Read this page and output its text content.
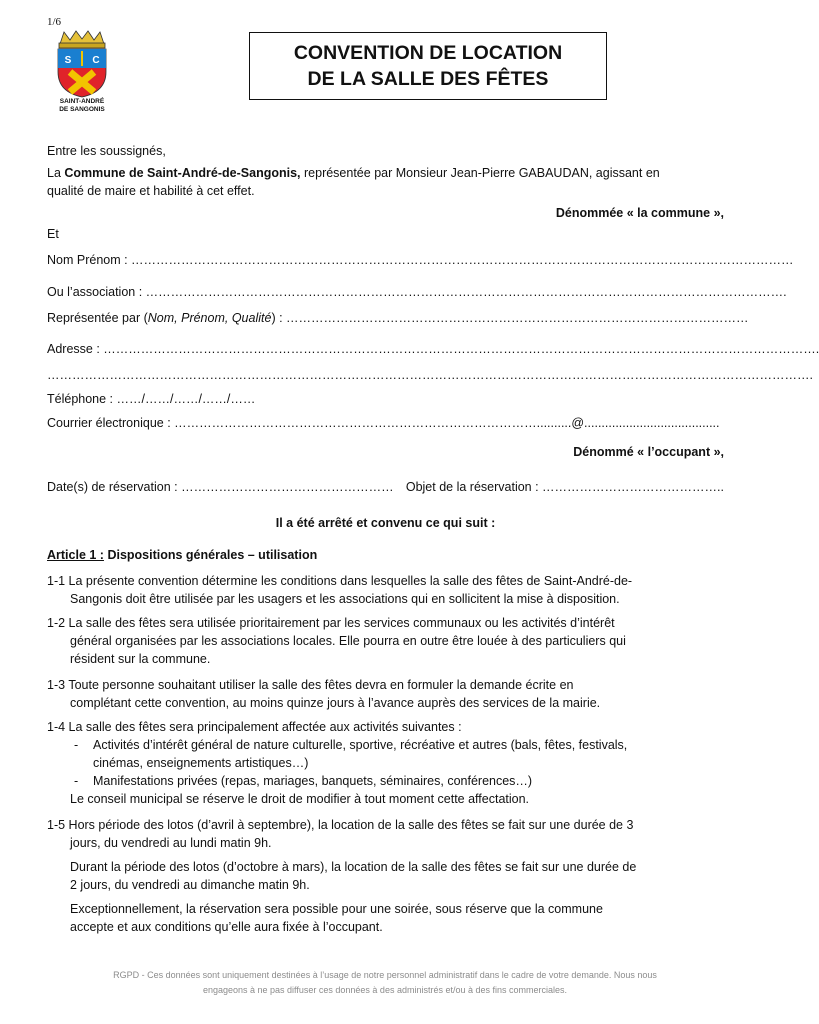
1/6
S C
SAINT-ANDRÉ
DE SANGONIS
CONVENTION DE LOCATION
DE LA SALLE DES FÊTES
Entre les soussignés,
La Commune de Saint-André-de-Sangonis, représentée par Monsieur Jean-Pierre GABAUDAN, agissant en
qualité de maire et habilité à cet effet.
Dénommée « la commune »,
Et
Nom Prénom : ……………………………………………………………………………………………………………………………………………
Ou l’association : ……………………………………………………………………………………………………………………………………….
Représentée par (Nom, Prénom, Qualité) : …………………………………………………………………………………………………
Adresse : ……………………………………………………………………………………………………………………………………………………….
………………………………………………………………………………………………………………………………………………………………….
Téléphone : ……/……/……/……/……
Courrier électronique : ……………………………………………………………………………..........@.......................................
Dénommé « l’occupant »,
Date(s) de réservation : …………………………………………… Objet de la réservation : ……………………………………..
Il a été arrêté et convenu ce qui suit :
Article 1 : Dispositions générales – utilisation
1-1 La présente convention détermine les conditions dans lesquelles la salle des fêtes de Saint-André-de-
Sangonis doit être utilisée par les usagers et les associations qui en sollicitent la mise à disposition.
1-2 La salle des fêtes sera utilisée prioritairement par les services communaux ou les activités d’intérêt
général organisées par les associations locales. Elle pourra en outre être louée à des particuliers qui
résident sur la commune.
1-3 Toute personne souhaitant utiliser la salle des fêtes devra en formuler la demande écrite en
complétant cette convention, au moins quinze jours à l’avance auprès des services de la mairie.
1-4 La salle des fêtes sera principalement affectée aux activités suivantes :
- Activités d’intérêt général de nature culturelle, sportive, récréative et autres (bals, fêtes, festivals,
cinémas, enseignements artistiques…)
- Manifestations privées (repas, mariages, banquets, séminaires, conférences…)
Le conseil municipal se réserve le droit de modifier à tout moment cette affectation.
1-5 Hors période des lotos (d’avril à septembre), la location de la salle des fêtes se fait sur une durée de 3
jours, du vendredi au lundi matin 9h.
Durant la période des lotos (d’octobre à mars), la location de la salle des fêtes se fait sur une durée de
2 jours, du vendredi au dimanche matin 9h.
Exceptionnellement, la réservation sera possible pour une soirée, sous réserve que la commune
accepte et aux conditions qu’elle aura fixée à l’occupant.
RGPD - Ces données sont uniquement destinées à l’usage de notre personnel administratif dans le cadre de votre demande. Nous nous
engageons à ne pas diffuser ces données à des administrés et/ou à des fins commerciales.
